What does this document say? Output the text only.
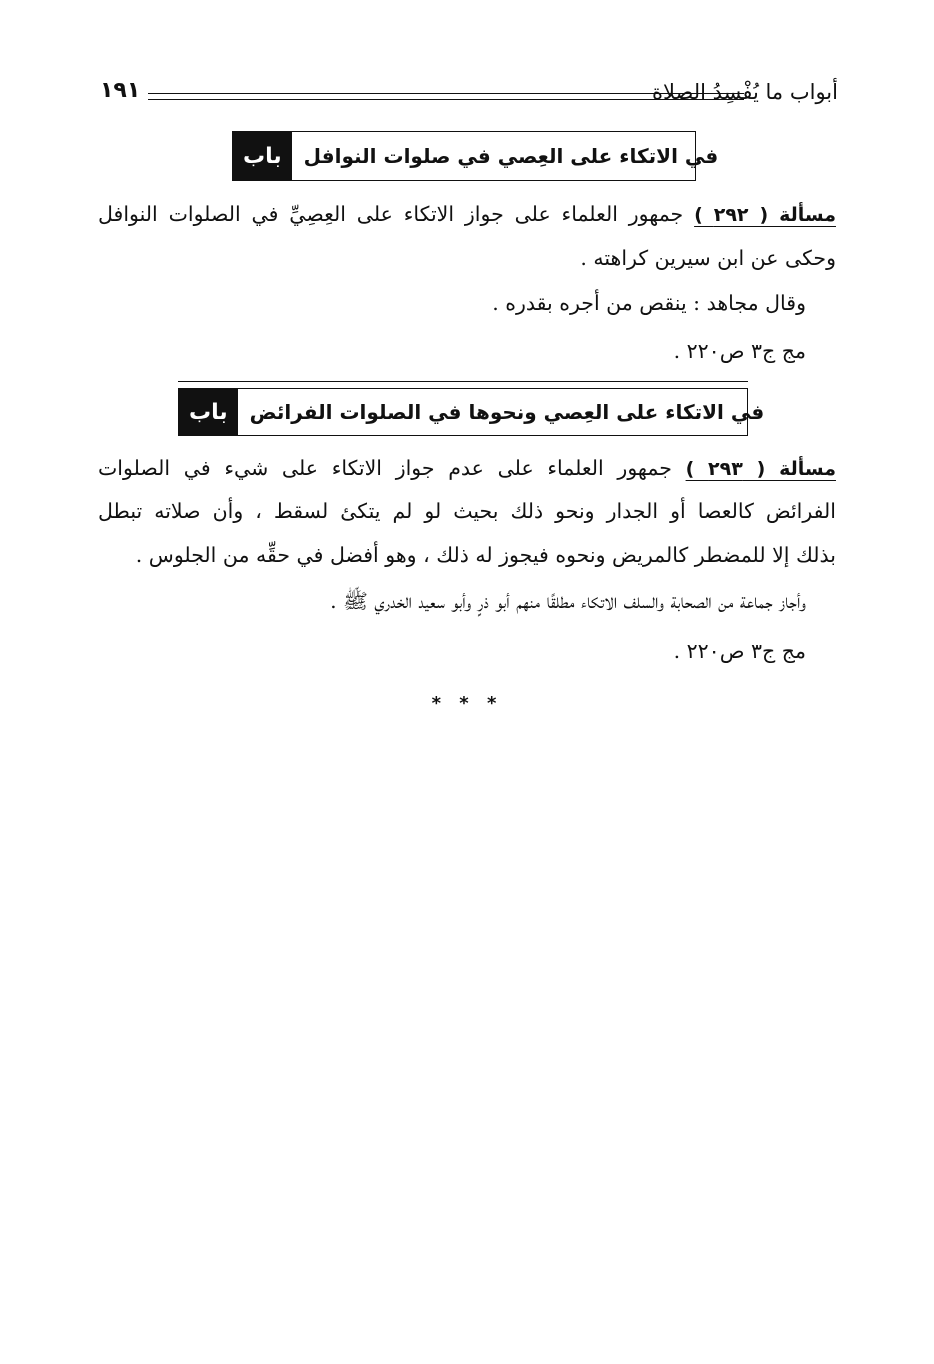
أبواب ما يُفْسِدُ الصلاة
١٩١
باب	في الاتكاء على العِصي في صلوات النوافل
مسألة ( ٢٩٢ ) جمهور العلماء على جواز الاتكاء على العِصِيِّ في الصلوات النوافل
وحكى عن ابن سيرين كراهته .
وقال مجاهد : ينقص من أجره بقدره .
مج ج٣ ص٢٢٠ .
باب	في الاتكاء على العِصي ونحوها في الصلوات الفرائض
مسألة ( ٢٩٣ ) جمهور العلماء على عدم جواز الاتكاء على شيء في الصلوات
الفرائض كالعصا أو الجدار ونحو ذلك بحيث لو لم يتكئ لسقط ، وأن صلاته تبطل
بذلك إلا للمضطر كالمريض ونحوه فيجوز له ذلك ، وهو أفضل في حقِّه من الجلوس .
وأجاز جماعة من الصحابة والسلف الاتكاء مطلقًا منهم أبو ذرٍ وأبو سعيد الخدري ﷺ .
مج ج٣ ص٢٢٠ .
* * *
